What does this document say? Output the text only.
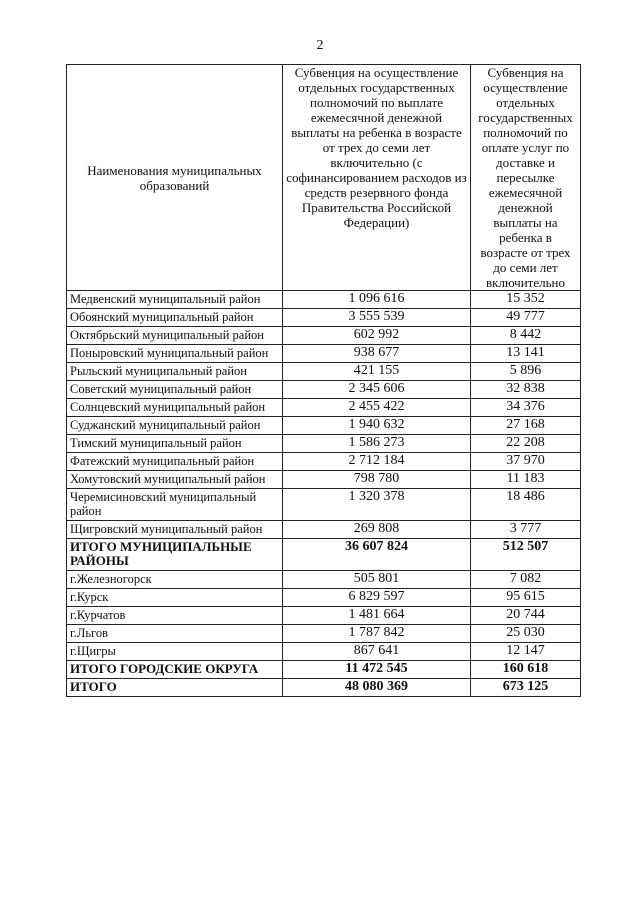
2
Наименования муниципальных образований	Субвенция на осуществление отдельных государственных полномочий по выплате ежемесячной денежной выплаты на ребенка в возрасте от трех до семи лет включительно (с софинансированием расходов из средств резервного фонда Правительства Российской Федерации)	Субвенция на осуществление отдельных государственных полномочий по оплате услуг по доставке и пересылке ежемесячной денежной выплаты на ребенка в возрасте от трех до семи лет включительно
Медвенский муниципальный район	1 096 616	15 352
Обоянский муниципальный район	3 555 539	49 777
Октябрьский муниципальный район	602 992	8 442
Поныровский муниципальный район	938 677	13 141
Рыльский муниципальный район	421 155	5 896
Советский муниципальный район	2 345 606	32 838
Солнцевский муниципальный район	2 455 422	34 376
Суджанский муниципальный район	1 940 632	27 168
Тимский муниципальный район	1 586 273	22 208
Фатежский муниципальный район	2 712 184	37 970
Хомутовский муниципальный район	798 780	11 183
Черемисиновский муниципальный район	1 320 378	18 486
Щигровский муниципальный район	269 808	3 777
ИТОГО МУНИЦИПАЛЬНЫЕ РАЙОНЫ	36 607 824	512 507
г.Железногорск	505 801	7 082
г.Курск	6 829 597	95 615
г.Курчатов	1 481 664	20 744
г.Льгов	1 787 842	25 030
г.Щигры	867 641	12 147
ИТОГО ГОРОДСКИЕ ОКРУГА	11 472 545	160 618
ИТОГО	48 080 369	673 125
